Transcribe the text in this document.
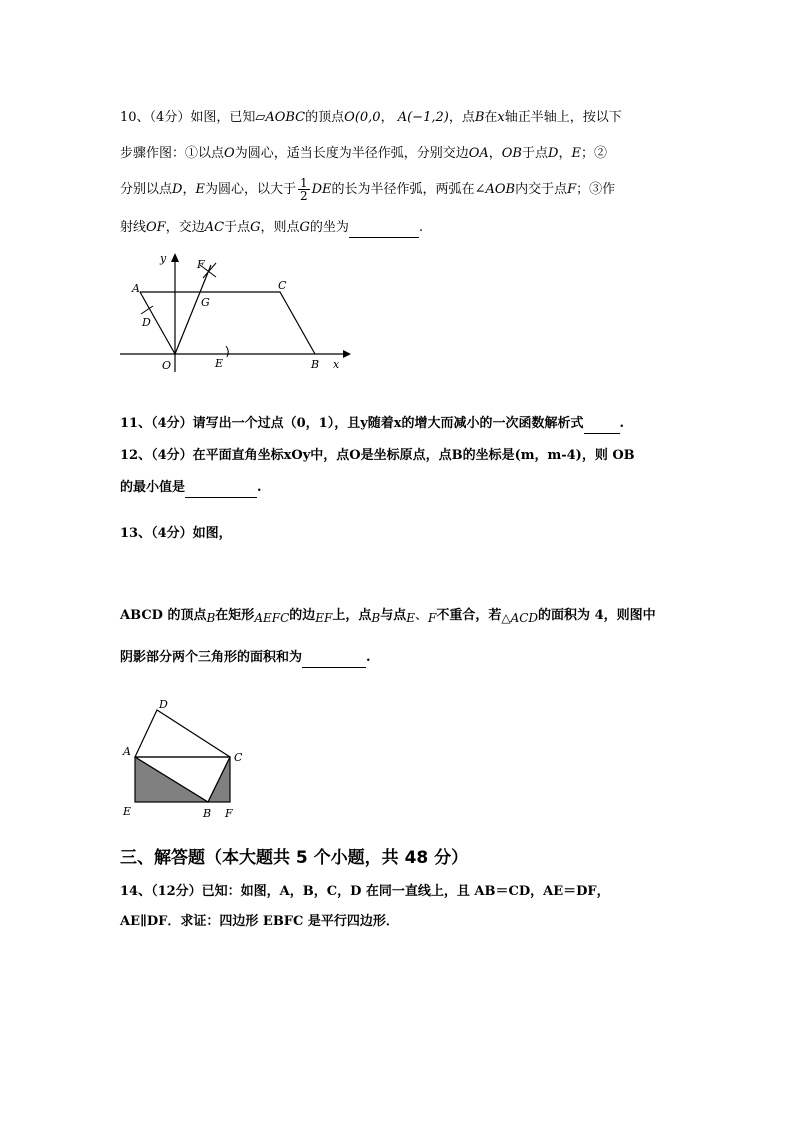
10、（4分）如图，已知▱AOBC的顶点O(0,0， A(−1,2)，点B在x轴正半轴上，按以下
步骤作图：①以点O为圆心，适当长度为半径作弧，分别交边OA，OB于点D，E；②
分别以点D，E为圆心，以大于 $\frac{1}{2}$ DE的长为半径作弧，两弧在∠AOB内交于点F；③作
射线OF，交边AC于点G，则点G的坐为	.
y	F
A	C
G
D
O	E	B x
11、（4分）请写出一个过点（0，1），且y随着x的增大而减小的一次函数解析式	.
12、（4分）在平面直角坐标xOy中，点O是坐标原点，点B的坐标是(m，m-4)，则 OB
的最小值是	.
13、（4分）如图，
ABCD 的顶点B在矩形AEFC的边EF上，点B与点E、F不重合，若△ACD的面积为 4，则图中
阴影部分两个三角形的面积和为	.
D
A	C
E	B F
三、解答题（本大题共 5 个小题，共 48 分）
14、（12分）已知：如图，A，B，C，D 在同一直线上，且 AB＝CD，AE＝DF，
AE∥DF．求证：四边形 EBFC 是平行四边形．
